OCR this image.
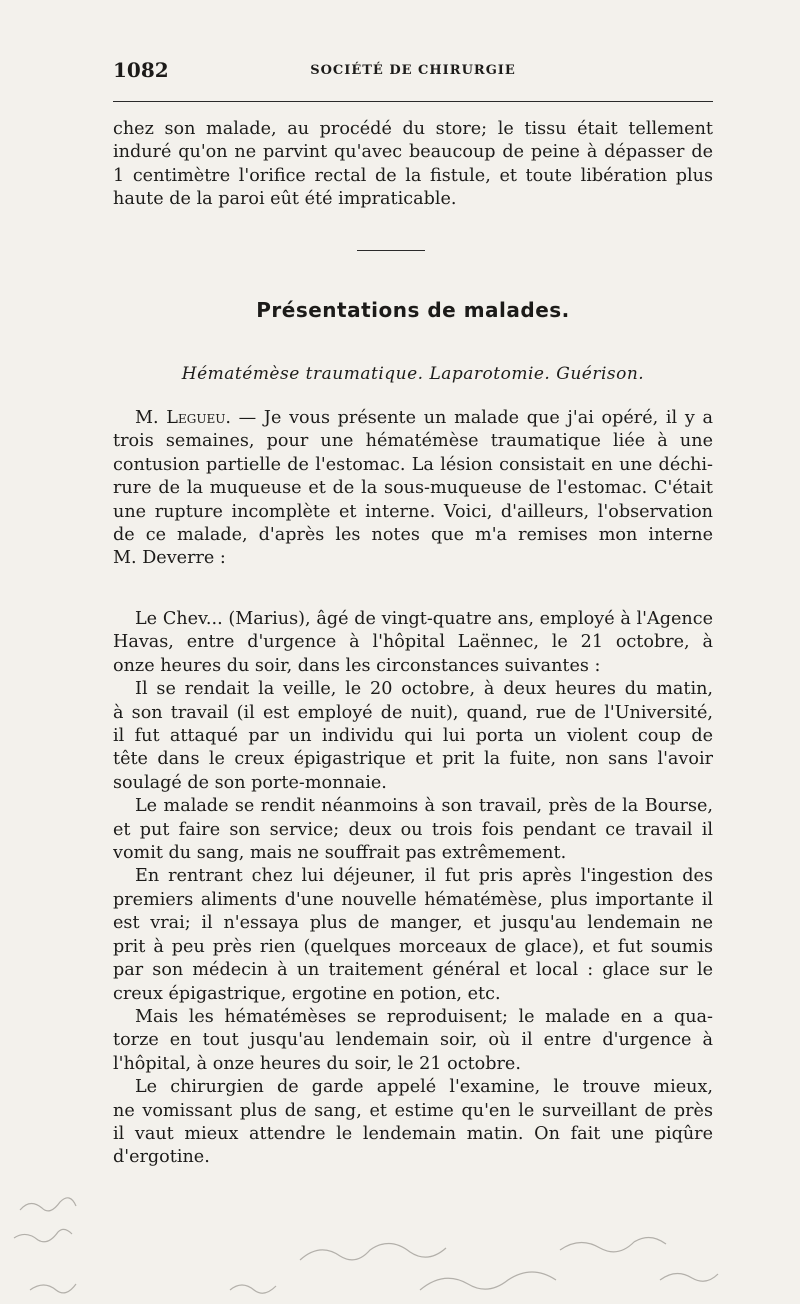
1082	SOCIÉTÉ DE CHIRURGIE
chez son malade, au procédé du store; le tissu était tellement
induré qu'on ne parvint qu'avec beaucoup de peine à dépasser de
1 centimètre l'orifice rectal de la fistule, et toute libération plus
haute de la paroi eût été impraticable.
Présentations de malades.
Hématémèse traumatique. Laparotomie. Guérison.
M. Legueu. — Je vous présente un malade que j'ai opéré, il y a
trois semaines, pour une hématémèse traumatique liée à une
contusion partielle de l'estomac. La lésion consistait en une déchi-
rure de la muqueuse et de la sous-muqueuse de l'estomac. C'était
une rupture incomplète et interne. Voici, d'ailleurs, l'observation
de ce malade, d'après les notes que m'a remises mon interne
M. Deverre :
Le Chev... (Marius), âgé de vingt-quatre ans, employé à l'Agence
Havas, entre d'urgence à l'hôpital Laënnec, le 21 octobre, à
onze heures du soir, dans les circonstances suivantes :
Il se rendait la veille, le 20 octobre, à deux heures du matin,
à son travail (il est employé de nuit), quand, rue de l'Université,
il fut attaqué par un individu qui lui porta un violent coup de
tête dans le creux épigastrique et prit la fuite, non sans l'avoir
soulagé de son porte-monnaie.
Le malade se rendit néanmoins à son travail, près de la Bourse,
et put faire son service; deux ou trois fois pendant ce travail il
vomit du sang, mais ne souffrait pas extrêmement.
En rentrant chez lui déjeuner, il fut pris après l'ingestion des
premiers aliments d'une nouvelle hématémèse, plus importante il
est vrai; il n'essaya plus de manger, et jusqu'au lendemain ne
prit à peu près rien (quelques morceaux de glace), et fut soumis
par son médecin à un traitement général et local : glace sur le
creux épigastrique, ergotine en potion, etc.
Mais les hématémèses se reproduisent; le malade en a qua-
torze en tout jusqu'au lendemain soir, où il entre d'urgence à
l'hôpital, à onze heures du soir, le 21 octobre.
Le chirurgien de garde appelé l'examine, le trouve mieux,
ne vomissant plus de sang, et estime qu'en le surveillant de près
il vaut mieux attendre le lendemain matin. On fait une piqûre
d'ergotine.
